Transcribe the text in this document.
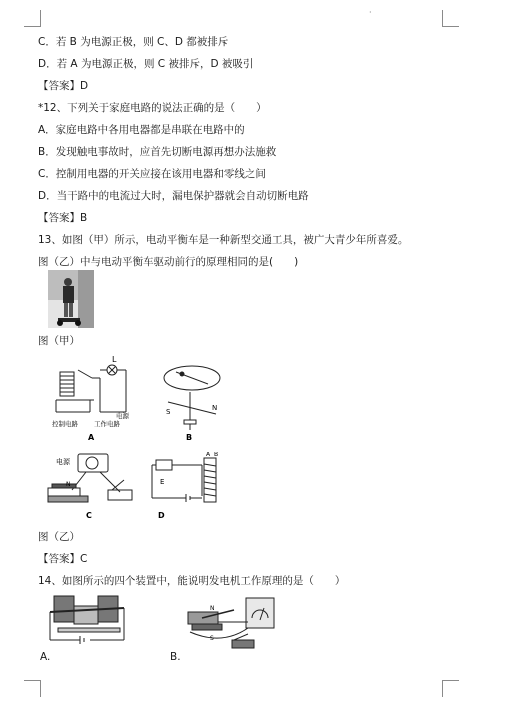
·
C．若 B 为电源正极，则 C、D 都被排斥
D．若 A 为电源正极，则 C 被排斥，D 被吸引
【答案】D
*12、下列关于家庭电路的说法正确的是（　　）
A．家庭电路中各用电器都是串联在电路中的
B．发现触电事故时，应首先切断电源再想办法施救
C．控制用电器的开关应接在该用电器和零线之间
D．当干路中的电流过大时，漏电保护器就会自动切断电路
【答案】B
13、如图（甲）所示，电动平衡车是一种新型交通工具，被广大青少年所喜爱。
图（乙）中与电动平衡车驱动前行的原理相同的是(　　)
图（甲）
L
控制电路 工作电路
电源
A
S	N
B
电源
N
C
E
A B
D
图（乙）
【答案】C
14、如图所示的四个装置中，能说明发电机工作原理的是（　　）
A.
N
S
B.
